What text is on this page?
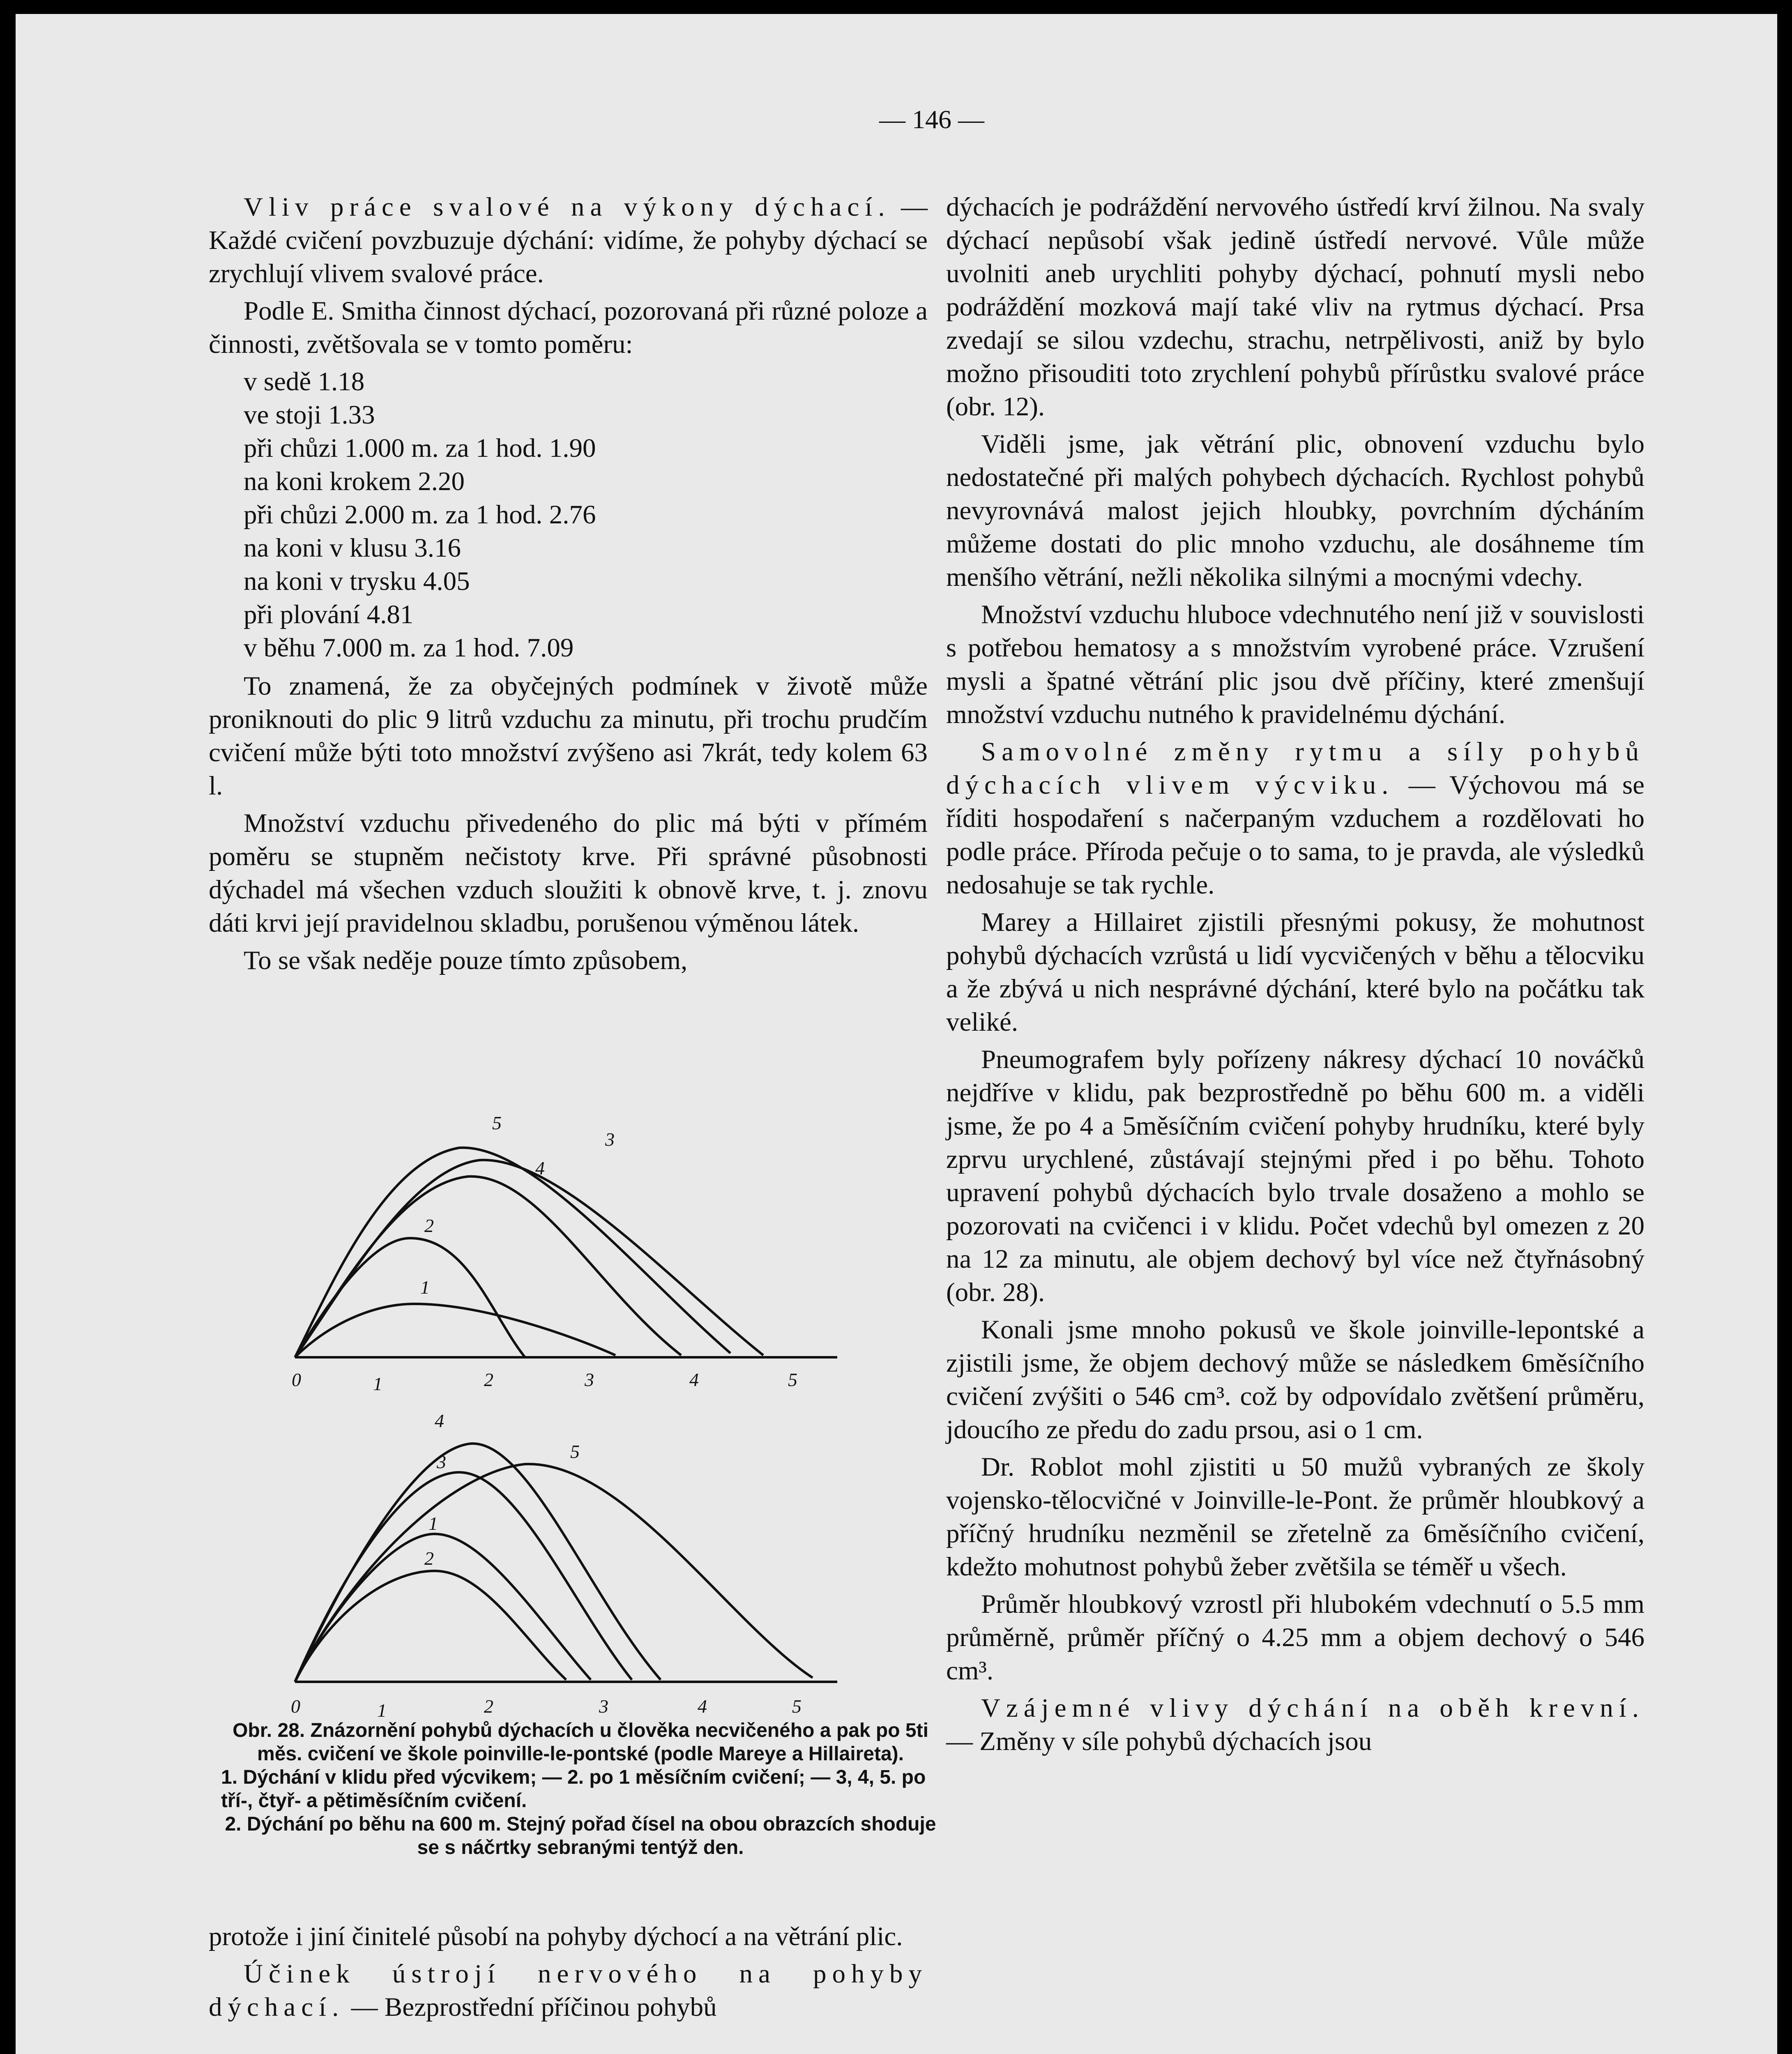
— 146 —

Vliv práce svalové na výkony dýchací. — Každé cvičení povzbuzuje dýchání: vidíme, že pohyby dýchací se zrychlují vlivem svalové práce.

Podle E. Smitha činnost dýchací, pozorovaná při různé poloze a činnosti, zvětšovala se v tomto poměru:

v sedě 1.18
ve stoji 1.33
při chůzi 1.000 m. za 1 hod. 1.90
na koni krokem 2.20
při chůzi 2.000 m. za 1 hod. 2.76
na koni v klusu 3.16
na koni v trysku 4.05
při plování 4.81
v běhu 7.000 m. za 1 hod. 7.09

To znamená, že za obyčejných podmínek v životě může proniknouti do plic 9 litrů vzduchu za minutu, při trochu prudčím cvičení může býti toto množství zvýšeno asi 7krát, tedy kolem 63 l.

Množství vzduchu přivedeného do plic má býti v přímém poměru se stupněm nečistoty krve. Při správné působnosti dýchadel má všechen vzduch sloužiti k obnově krve, t. j. znovu dáti krvi její pravidelnou skladbu, porušenou výměnou látek.

To se však neděje pouze tímto způsobem,

1
2
3
4
5
0	1	2	3	4	5
1
2
3
4
5
0	1	2	3	4	5
Obr. 28. Znázornění pohybů dýchacích u člověka necvičeného a pak po 5ti měs. cvičení ve škole poinville-le-pontské (podle Mareye a Hillaireta).
1. Dýchání v klidu před výcvikem; — 2. po 1 měsíčním cvičení; — 3, 4, 5. po tří-, čtyř- a pětiměsíčním cvičení.
2. Dýchání po běhu na 600 m. Stejný pořad čísel na obou obrazcích shoduje se s náčrtky sebranými tentýž den.

protože i jiní činitelé působí na pohyby dýchocí a na větrání plic.

Účinek ústrojí nervového na pohyby dýchací. — Bezprostřední příčinou pohybů

dýchacích je podráždění nervového ústředí krví žilnou. Na svaly dýchací nepůsobí však jedině ústředí nervové. Vůle může uvolniti aneb urychliti pohyby dýchací, pohnutí mysli nebo podráždění mozková mají také vliv na rytmus dýchací. Prsa zvedají se silou vzdechu, strachu, netrpělivosti, aniž by bylo možno přisouditi toto zrychlení pohybů přírůstku svalové práce (obr. 12).

Viděli jsme, jak větrání plic, obnovení vzduchu bylo nedostatečné při malých pohybech dýchacích. Rychlost pohybů nevyrovnává malost jejich hloubky, povrchním dýcháním můžeme dostati do plic mnoho vzduchu, ale dosáhneme tím menšího větrání, nežli několika silnými a mocnými vdechy.

Množství vzduchu hluboce vdechnutého není již v souvislosti s potřebou hematosy a s množstvím vyrobené práce. Vzrušení mysli a špatné větrání plic jsou dvě příčiny, které zmenšují množství vzduchu nutného k pravidelnému dýchání.

Samovolné změny rytmu a síly pohybů dýchacích vlivem výcviku. — Výchovou má se říditi hospodaření s načerpaným vzduchem a rozdělovati ho podle práce. Příroda pečuje o to sama, to je pravda, ale výsledků nedosahuje se tak rychle.

Marey a Hillairet zjistili přesnými pokusy, že mohutnost pohybů dýchacích vzrůstá u lidí vycvičených v běhu a tělocviku a že zbývá u nich nesprávné dýchání, které bylo na počátku tak veliké.

Pneumografem byly pořízeny nákresy dýchací 10 nováčků nejdříve v klidu, pak bezprostředně po běhu 600 m. a viděli jsme, že po 4 a 5měsíčním cvičení pohyby hrudníku, které byly zprvu urychlené, zůstávají stejnými před i po běhu. Tohoto upravení pohybů dýchacích bylo trvale dosaženo a mohlo se pozorovati na cvičenci i v klidu. Počet vdechů byl omezen z 20 na 12 za minutu, ale objem dechový byl více než čtyřnásobný (obr. 28).

Konali jsme mnoho pokusů ve škole joinville-lepontské a zjistili jsme, že objem dechový může se následkem 6měsíčního cvičení zvýšiti o 546 cm³. což by odpovídalo zvětšení průměru, jdoucího ze předu do zadu prsou, asi o 1 cm.

Dr. Roblot mohl zjistiti u 50 mužů vybraných ze školy vojensko-tělocvičné v Joinville-le-Pont. že průměr hloubkový a příčný hrudníku nezměnil se zřetelně za 6měsíčního cvičení, kdežto mohutnost pohybů žeber zvětšila se téměř u všech.

Průměr hloubkový vzrostl při hlubokém vdechnutí o 5.5 mm průměrně, průměr příčný o 4.25 mm a objem dechový o 546 cm³.

Vzájemné vlivy dýchání na oběh krevní. — Změny v síle pohybů dýchacích jsou
